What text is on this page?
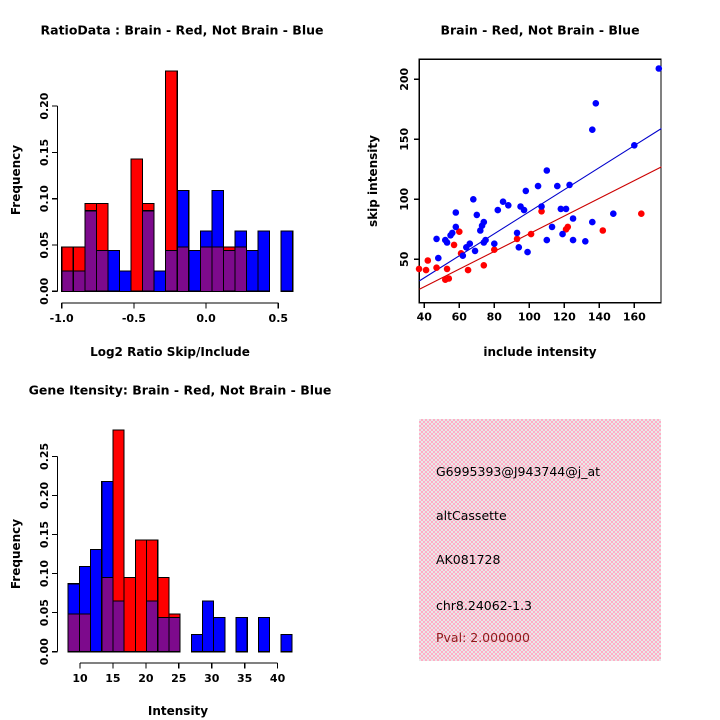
0.00
0.05
0.10
0.15
0.20
-1.0	-0.5	0.0	0.5
RatioData : Brain - Red, Not Brain - Blue
Log2 Ratio Skip/Include
Frequency
40 60 80 100 120 140 160
50
100
150
200
Brain - Red, Not Brain - Blue
include intensity
skip intensity
0.00
0.05
0.10
0.15
0.20
0.25
10 15 20 25 30 35 40
Gene Itensity: Brain - Red, Not Brain - Blue
Intensity
Frequency
G6995393@J943744@j_at
altCassette
AK081728
chr8.24062-1.3
Pval: 2.000000
